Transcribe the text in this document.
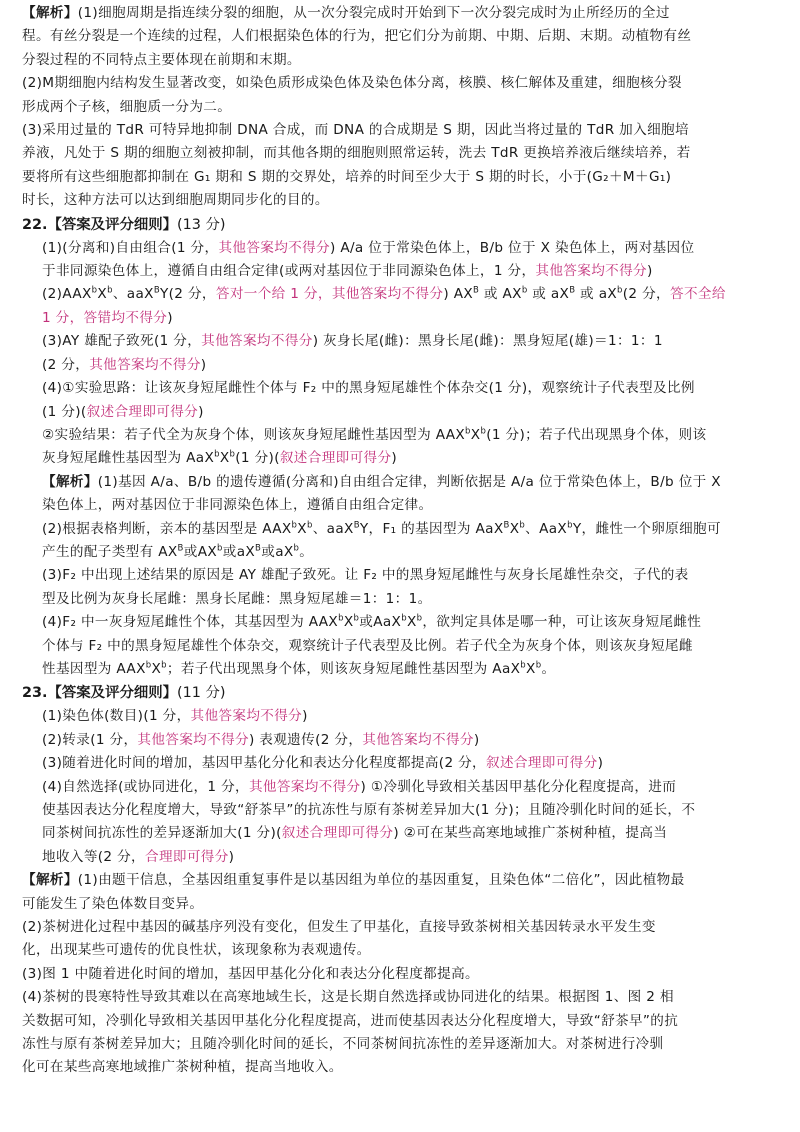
【解析】(1)细胞周期是指连续分裂的细胞，从一次分裂完成时开始到下一次分裂完成时为止所经历的全过
程。有丝分裂是一个连续的过程，人们根据染色体的行为，把它们分为前期、中期、后期、末期。动植物有丝
分裂过程的不同特点主要体现在前期和末期。
(2)M期细胞内结构发生显著改变，如染色质形成染色体及染色体分离，核膜、核仁解体及重建，细胞核分裂
形成两个子核，细胞质一分为二。
(3)采用过量的 TdR 可特异地抑制 DNA 合成，而 DNA 的合成期是 S 期，因此当将过量的 TdR 加入细胞培
养液，凡处于 S 期的细胞立刻被抑制，而其他各期的细胞则照常运转，洗去 TdR 更换培养液后继续培养，若
要将所有这些细胞都抑制在 G₁ 期和 S 期的交界处，培养的时间至少大于 S 期的时长，小于(G₂＋M＋G₁)
时长，这种方法可以达到细胞周期同步化的目的。
22.【答案及评分细则】(13 分)
(1)(分离和)自由组合(1 分，其他答案均不得分) A/a 位于常染色体上，B/b 位于 X 染色体上，两对基因位
于非同源染色体上，遵循自由组合定律(或两对基因位于非同源染色体上，1 分，其他答案均不得分)
$(2)AAX^bX^b$、aaX$^B$Y(2 分，答对一个给 1 分，其他答案均不得分) $AX^B$ 或 $AX^b$ 或 $aX^B$ 或 $aX^b(2$ 分，答不全给
1 分，答错均不得分)
(3)AY 雄配子致死(1 分，其他答案均不得分) 灰身长尾(雌)：黑身长尾(雌)：黑身短尾(雄)＝1：1：1
(2 分，其他答案均不得分)
(4)①实验思路：让该灰身短尾雌性个体与 F₂ 中的黑身短尾雄性个体杂交(1 分)，观察统计子代表型及比例
(1 分)(叙述合理即可得分)
②实验结果：若子代全为灰身个体，则该灰身短尾雌性基因型为 $AAX^bX^b(1$ 分)；若子代出现黑身个体，则该
灰身短尾雌性基因型为 $AaX^bX^b(1$ 分)(叙述合理即可得分)
【解析】(1)基因 A/a、B/b 的遗传遵循(分离和)自由组合定律，判断依据是 A/a 位于常染色体上，B/b 位于 X
染色体上，两对基因位于非同源染色体上，遵循自由组合定律。
(2)根据表格判断，亲本的基因型是 $AAX^bX^b$、aaX$^B$Y，F₁ 的基因型为 $AaX^BX^b$、AaX$^b$Y，雌性一个卵原细胞可
产生的配子类型有 $AX^B$或$AX^b$或$aX^B$或$aX^b$。
(3)F₂ 中出现上述结果的原因是 AY 雄配子致死。让 F₂ 中的黑身短尾雌性与灰身长尾雄性杂交，子代的表
型及比例为灰身长尾雌：黑身长尾雌：黑身短尾雄＝1：1：1。
(4)F₂ 中一灰身短尾雌性个体，其基因型为 $AAX^bX^b$或$AaX^bX^b$，欲判定具体是哪一种，可让该灰身短尾雌性
个体与 F₂ 中的黑身短尾雄性个体杂交，观察统计子代表型及比例。若子代全为灰身个体，则该灰身短尾雌
性基因型为 $AAX^bX^b$；若子代出现黑身个体，则该灰身短尾雌性基因型为 $AaX^bX^b$。
23.【答案及评分细则】(11 分)
(1)染色体(数目)(1 分，其他答案均不得分)
(2)转录(1 分，其他答案均不得分) 表观遗传(2 分，其他答案均不得分)
(3)随着进化时间的增加，基因甲基化分化和表达分化程度都提高(2 分，叙述合理即可得分)
(4)自然选择(或协同进化，1 分，其他答案均不得分) ①冷驯化导致相关基因甲基化分化程度提高，进而
使基因表达分化程度增大，导致“舒茶早”的抗冻性与原有茶树差异加大(1 分)；且随冷驯化时间的延长，不
同茶树间抗冻性的差异逐渐加大(1 分)(叙述合理即可得分) ②可在某些高寒地域推广茶树种植，提高当
地收入等(2 分，合理即可得分)
【解析】(1)由题干信息，全基因组重复事件是以基因组为单位的基因重复，且染色体“二倍化”，因此植物最
可能发生了染色体数目变异。
(2)茶树进化过程中基因的碱基序列没有变化，但发生了甲基化，直接导致茶树相关基因转录水平发生变
化，出现某些可遗传的优良性状，该现象称为表观遗传。
(3)图 1 中随着进化时间的增加，基因甲基化分化和表达分化程度都提高。
(4)茶树的畏寒特性导致其难以在高寒地域生长，这是长期自然选择或协同进化的结果。根据图 1、图 2 相
关数据可知，冷驯化导致相关基因甲基化分化程度提高，进而使基因表达分化程度增大，导致“舒茶早”的抗
冻性与原有茶树差异加大；且随冷驯化时间的延长，不同茶树间抗冻性的差异逐渐加大。对茶树进行冷驯
化可在某些高寒地域推广茶树种植，提高当地收入。
